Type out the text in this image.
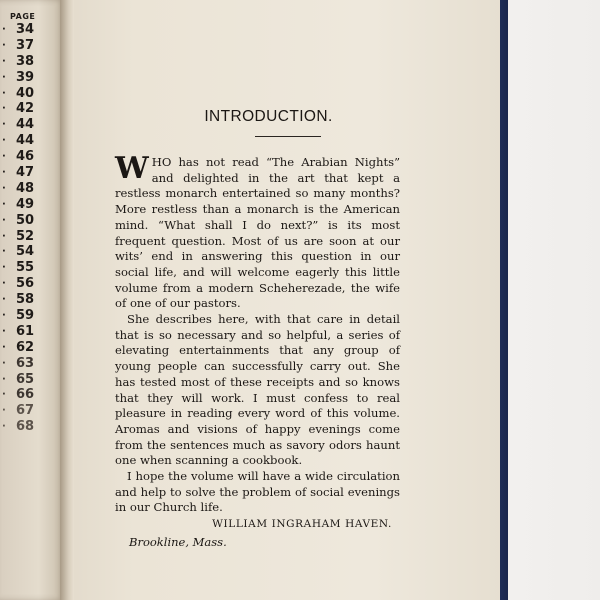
PAGE
· 34
· 37
· 38
· 39
· 40
· 42
· 44
· 44
· 46
· 47
· 48
· 49
· 50
· 52
· 54
· 55
· 56
· 58
· 59
· 61
· 62
· 63
· 65
· 66
· 67
· 68
INTRODUCTION.

WHO has not read “The Arabian Nights” and delighted in the art that kept a restless monarch entertained so many months? More restless than a monarch is the American mind. “What shall I do next?” is its most frequent question. Most of us are soon at our wits’ end in answering this question in our social life, and will welcome eagerly this little volume from a modern Scheherezade, the wife of one of our pastors.

She describes here, with that care in detail that is so necessary and so helpful, a series of elevating entertainments that any group of young people can successfully carry out. She has tested most of these receipts and so knows that they will work. I must confess to real pleasure in reading every word of this volume. Aromas and visions of happy evenings come from the sentences much as savory odors haunt one when scanning a cookbook.

I hope the volume will have a wide circulation and help to solve the problem of social evenings in our Church life.

WILLIAM INGRAHAM HAVEN.
Brookline, Mass.
